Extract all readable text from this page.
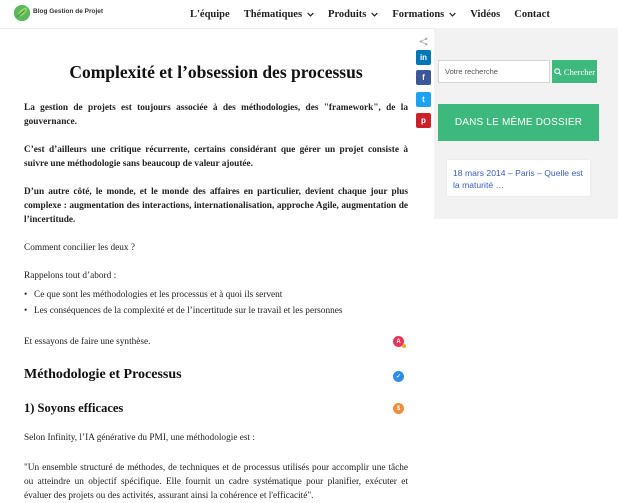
Blog Gestion de Projet	L'équipe Thématiques Produits Formations Vidéos Contact
Complexité et l’obsession des processus

La gestion de projets est toujours associée à des méthodologies, des "framework", de la gouvernance.

C’est d’ailleurs une critique récurrente, certains considérant que gérer un projet consiste à suivre une méthodologie sans beaucoup de valeur ajoutée.

D’un autre côté, le monde, et le monde des affaires en particulier, devient chaque jour plus complexe : augmentation des interactions, internationalisation, approche Agile, augmentation de l’incertitude.

Comment concilier les deux ?

Rappelons tout d’abord :

• Ce que sont les méthodologies et les processus et à quoi ils servent
• Les conséquences de la complexité et de l’incertitude sur le travail et les personnes

Et essayons de faire une synthèse.

Méthodologie et Processus
1) Soyons efficaces

Selon Infinity, l’IA générative du PMI, une méthodologie est :

"Un ensemble structuré de méthodes, de techniques et de processus utilisés pour accomplir une tâche ou atteindre un objectif spécifique. Elle fournit un cadre systématique pour planifier, exécuter et évaluer des projets ou des activités, assurant ainsi la cohérence et l'efficacité".

in
f
t
p
A
✓
$
Votre recherche
Chercher
DANS LE MÊME DOSSIER
18 mars 2014 – Paris – Quelle est la maturité …
